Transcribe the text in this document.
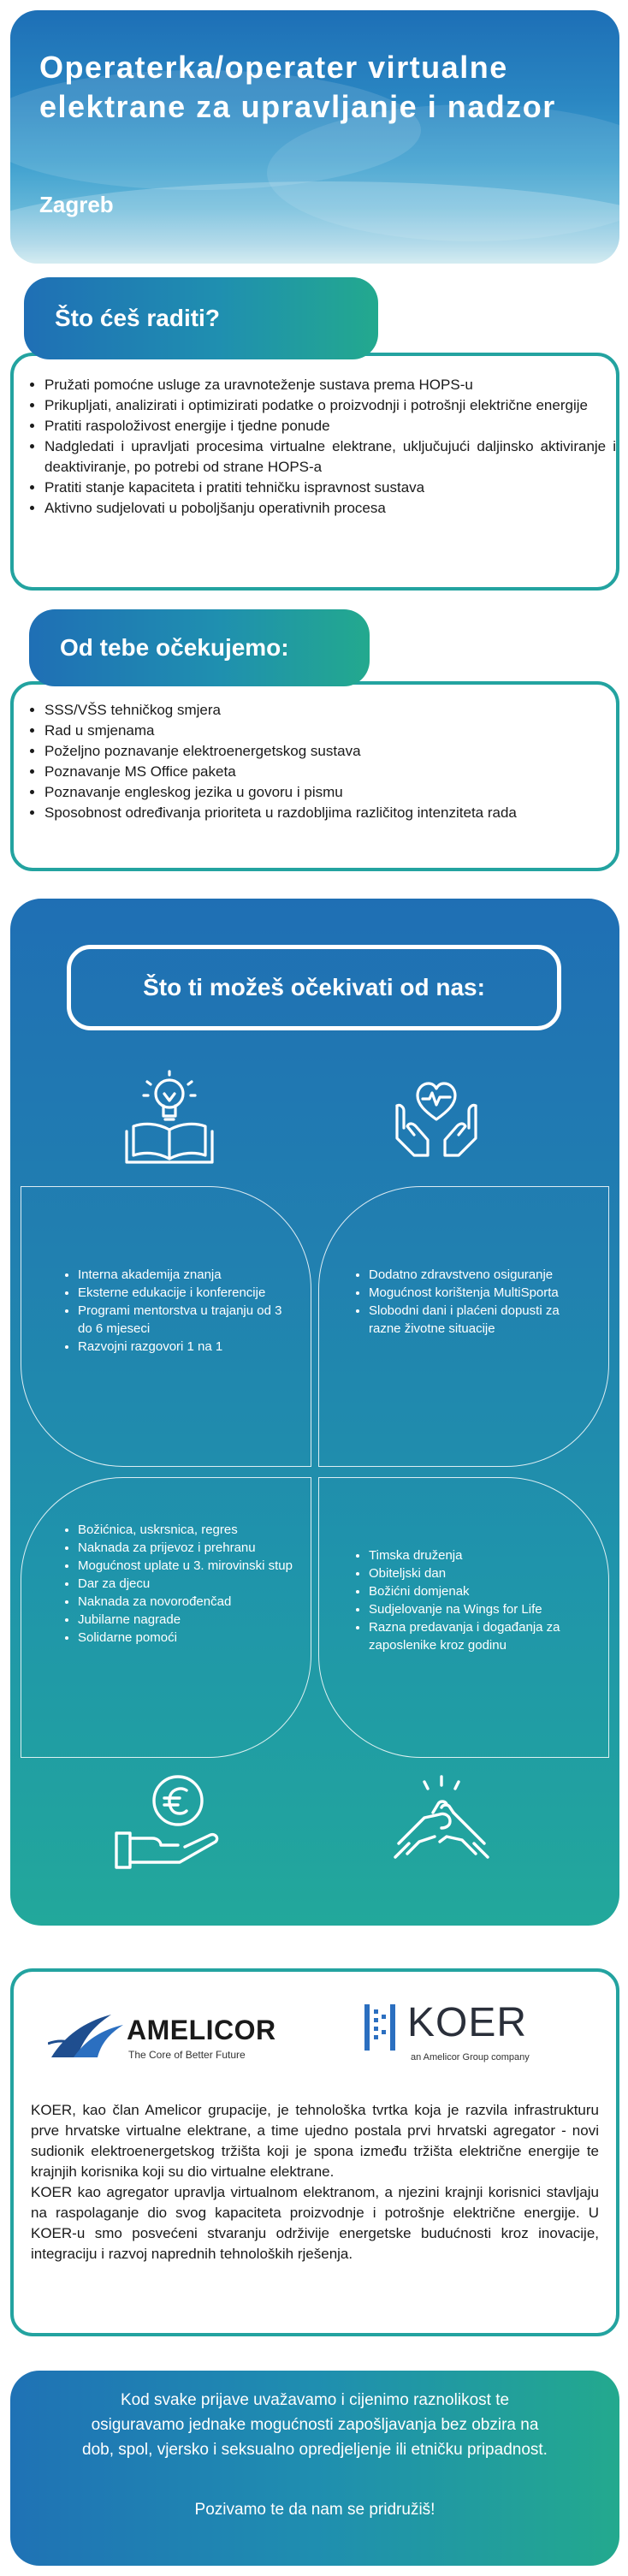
Operaterka/operater virtualne elektrane za upravljanje i nadzor

Zagreb

• Pružati pomoćne usluge za uravnoteženje sustava prema HOPS-u
• Prikupljati, analizirati i optimizirati podatke o proizvodnji i potrošnji električne energije
• Pratiti raspoloživost energije i tjedne ponude
• Nadgledati i upravljati procesima virtualne elektrane, uključujući daljinsko aktiviranje i deaktiviranje, po potrebi od strane HOPS-a
• Pratiti stanje kapaciteta i pratiti tehničku ispravnost sustava
• Aktivno sudjelovati u poboljšanju operativnih procesa
Što ćeš raditi?
• SSS/VŠS tehničkog smjera
• Rad u smjenama
• Poželjno poznavanje elektroenergetskog sustava
• Poznavanje MS Office paketa
• Poznavanje engleskog jezika u govoru i pismu
• Sposobnost određivanja prioriteta u razdobljima različitog intenziteta rada
Od tebe očekujemo:
Što ti možeš očekivati od nas:
• Interna akademija znanja
• Eksterne edukacije i konferencije
• Programi mentorstva u trajanju od 3 do 6 mjeseci
• Razvojni razgovori 1 na 1
• Dodatno zdravstveno osiguranje
• Mogućnost korištenja MultiSporta
• Slobodni dani i plaćeni dopusti za razne životne situacije
• Božićnica, uskrsnica, regres
• Naknada za prijevoz i prehranu
• Mogućnost uplate u 3. mirovinski stup
• Dar za djecu
• Naknada za novorođenčad
• Jubilarne nagrade
• Solidarne pomoći
• Timska druženja
• Obiteljski dan
• Božićni domjenak
• Sudjelovanje na Wings for Life
• Razna predavanja i događanja za zaposlenike kroz godinu
AMELICOR
The Core of Better Future
KOER
an Amelicor Group company

KOER, kao član Amelicor grupacije, je tehnološka tvrtka koja je razvila infrastrukturu prve hrvatske virtualne elektrane, a time ujedno postala prvi hrvatski agregator - novi sudionik elektroenergetskog tržišta koji je spona između tržišta električne energije te krajnjih korisnika koji su dio virtualne elektrane.

KOER kao agregator upravlja virtualnom elektranom, a njezini krajnji korisnici stavljaju na raspolaganje dio svog kapaciteta proizvodnje i potrošnje električne energije. U KOER-u smo posvećeni stvaranju održivije energetske budućnosti kroz inovacije, integraciju i razvoj naprednih tehnoloških rješenja.

Kod svake prijave uvažavamo i cijenimo raznolikost te osiguravamo jednake mogućnosti zapošljavanja bez obzira na dob, spol, vjersko i seksualno opredjeljenje ili etničku pripadnost.

Pozivamo te da nam se pridružiš!
